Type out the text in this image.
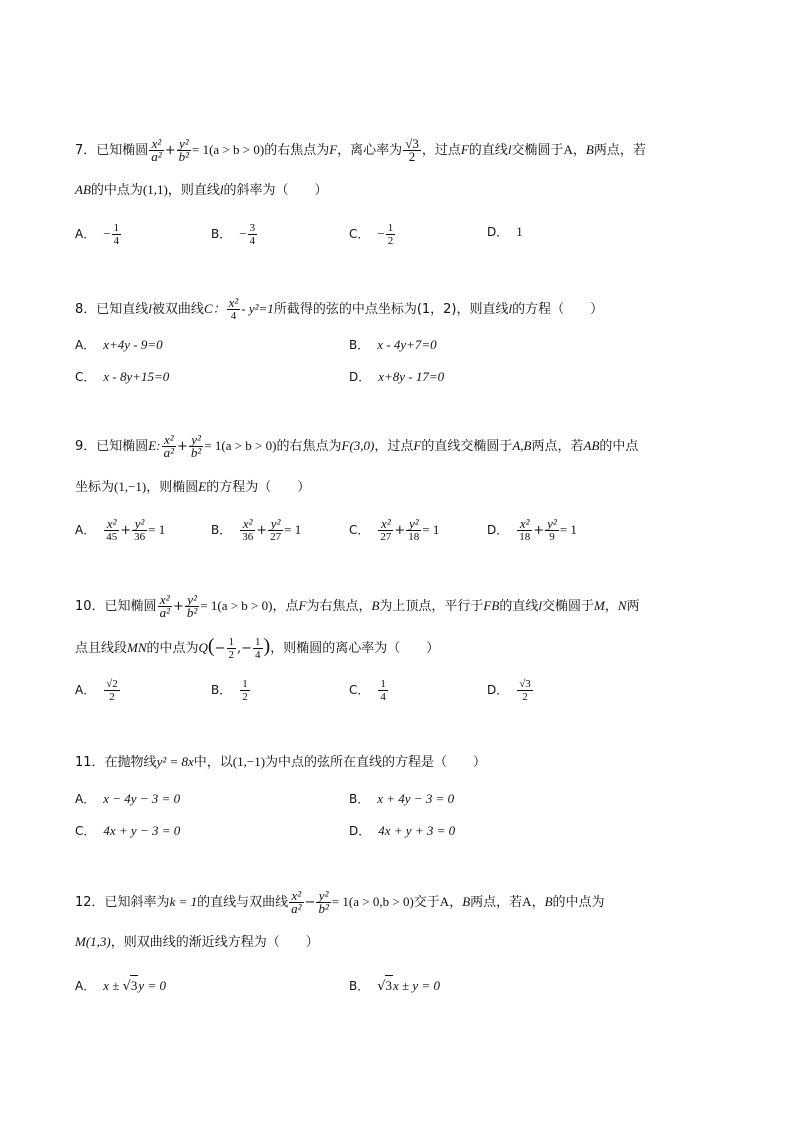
7．已知椭圆 $\frac{\text{x²}}{\text{a²}} + \frac{\text{y²}}{\text{b²}} = 1(a > b > 0)$的右焦点为F，离心率为 $\frac{√3}{2}$ ，过点F的直线l交椭圆于A，B两点，若
AB的中点为(1,1)，则直线l的斜率为（　　）
A． − $\frac{1}{4}$	B． − $\frac{3}{4}$	C． − $\frac{1}{2}$	D． 1
8．已知直线l被双曲线C： $\frac{\text{x²}}{4} - y^2=1$所截得的弦的中点坐标为(1，2)，则直线l的方程（　　）
A． x+4y - 9=0	B． x - 4y+7=0
C． x - 8y+15=0	D． x+8y - 17=0
9．已知椭圆E: $\frac{\text{x²}}{\text{a²}} + \frac{\text{y²}}{\text{b²}} = 1(a > b > 0)$的右焦点为F(3,0)，过点F的直线交椭圆于A,B两点，若AB的中点
坐标为(1,−1)，则椭圆E的方程为（　　）
A． $\frac{\text{x²}}{45} + \frac{\text{y²}}{36} = 1$	B． $\frac{\text{x²}}{36} + \frac{\text{y²}}{27} = 1$	C． $\frac{\text{x²}}{27} + \frac{\text{y²}}{18} = 1$	D． $\frac{\text{x²}}{18} + \frac{\text{y²}}{9} = 1$
10．已知椭圆 $\frac{\text{x²}}{\text{a²}} + \frac{\text{y²}}{\text{b²}} = 1(a > b > 0)$，点F为右焦点，B为上顶点，平行于FB的直线l交椭圆于M，N两
点且线段MN的中点为$Q(- \frac{1}{2}$ ,− $\frac{1}{4}$ )，则椭圆的离心率为（　　）
A． $\frac{√2}{2}$	B． $\frac{1}{2}$	C． $\frac{1}{4}$	D． $\frac{√3}{2}$
11．在抛物线y² = 8x中，以(1,−1)为中点的弦所在直线的方程是（　　）
A． x − 4y − 3 = 0	B． x + 4y − 3 = 0
C． 4x + y − 3 = 0	D． 4x + y + 3 = 0
12．已知斜率为k = 1的直线与双曲线 $\frac{\text{x²}}{\text{a²}} - \frac{\text{y²}}{\text{b²}} = 1(a > 0,b > 0)$交于A，B两点，若A，B的中点为
M(1,3)，则双曲线的渐近线方程为（　　）
A． x ± √3y = 0	B． √3x ± y = 0
